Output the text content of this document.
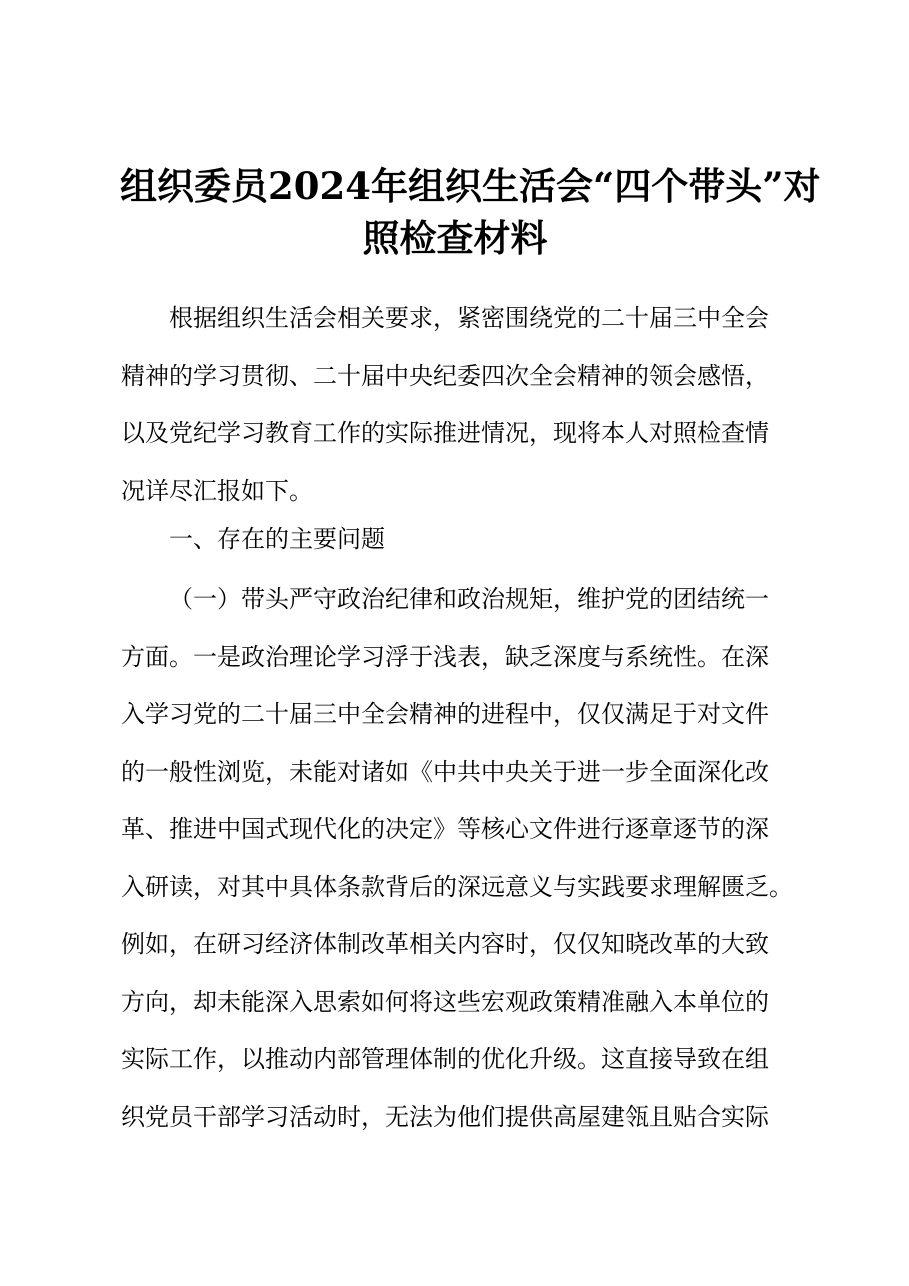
组织委员2024年组织生活会“四个带头”对
照检查材料
根据组织生活会相关要求，紧密围绕党的二十届三中全会
精神的学习贯彻、二十届中央纪委四次全会精神的领会感悟，
以及党纪学习教育工作的实际推进情况，现将本人对照检查情
况详尽汇报如下。
一、存在的主要问题
（一）带头严守政治纪律和政治规矩，维护党的团结统一
方面。一是政治理论学习浮于浅表，缺乏深度与系统性。在深
入学习党的二十届三中全会精神的进程中，仅仅满足于对文件
的一般性浏览，未能对诸如《中共中央关于进一步全面深化改
革、推进中国式现代化的决定》等核心文件进行逐章逐节的深
入研读，对其中具体条款背后的深远意义与实践要求理解匮乏。
例如，在研习经济体制改革相关内容时，仅仅知晓改革的大致
方向，却未能深入思索如何将这些宏观政策精准融入本单位的
实际工作，以推动内部管理体制的优化升级。这直接导致在组
织党员干部学习活动时，无法为他们提供高屋建瓴且贴合实际
